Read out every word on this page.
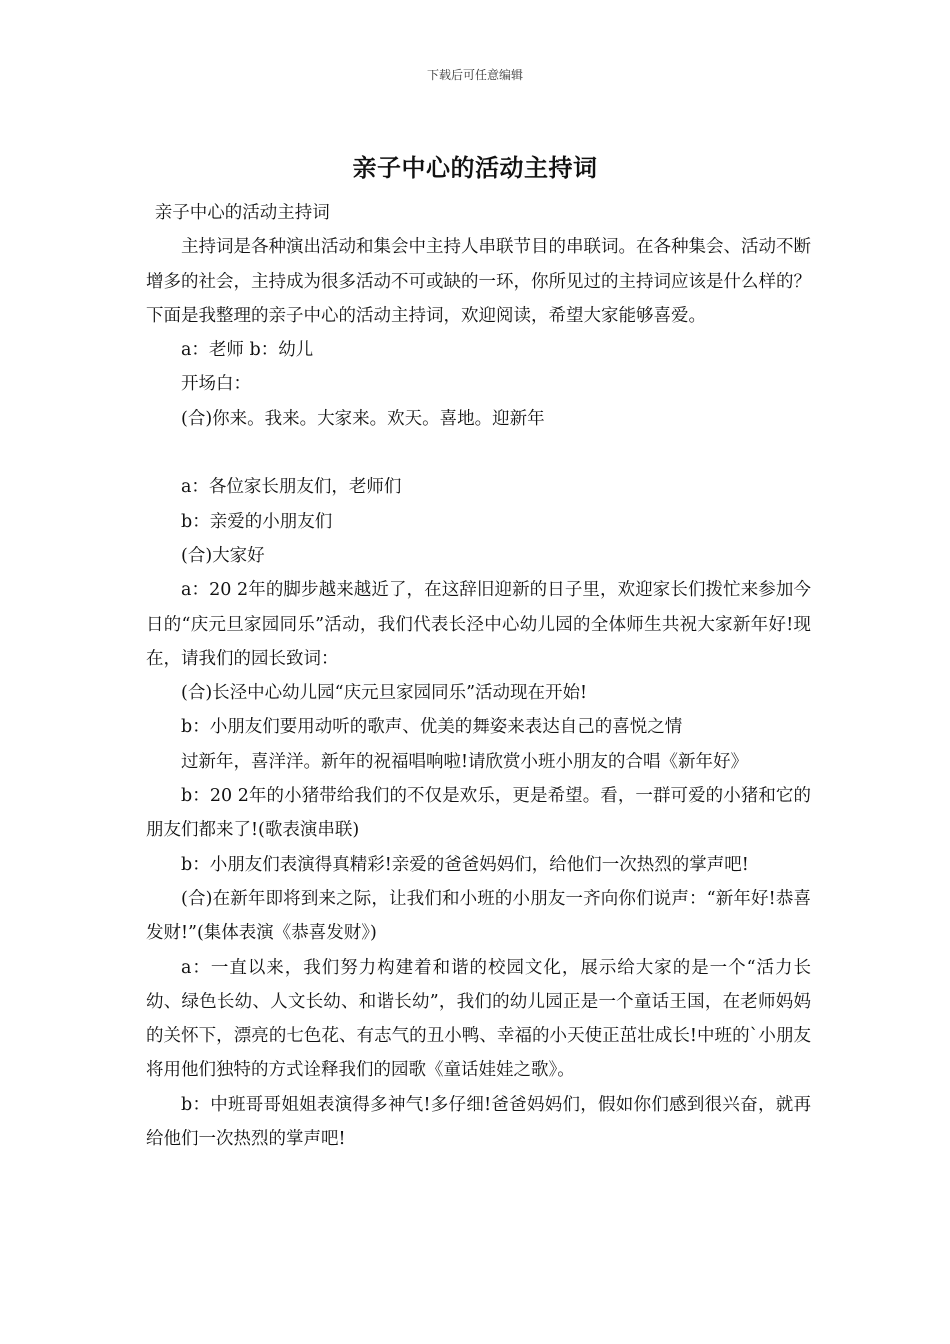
下载后可任意编辑
亲子中心的活动主持词

亲子中心的活动主持词

主持词是各种演出活动和集会中主持人串联节目的串联词。在各种集会、活动不断增多的社会，主持成为很多活动不可或缺的一环，你所见过的主持词应该是什么样的？下面是我整理的亲子中心的活动主持词，欢迎阅读，希望大家能够喜爱。

a：老师 b：幼儿

开场白：

(合)你来。我来。大家来。欢天。喜地。迎新年

a：各位家长朋友们，老师们

b：亲爱的小朋友们

(合)大家好

a：20 2年的脚步越来越近了，在这辞旧迎新的日子里，欢迎家长们拨忙来参加今日的“庆元旦家园同乐”活动，我们代表长泾中心幼儿园的全体师生共祝大家新年好!现在，请我们的园长致词：

(合)长泾中心幼儿园“庆元旦家园同乐”活动现在开始!

b：小朋友们要用动听的歌声、优美的舞姿来表达自己的喜悦之情

过新年，喜洋洋。新年的祝福唱响啦!请欣赏小班小朋友的合唱《新年好》

b：20 2年的小猪带给我们的不仅是欢乐，更是希望。看，一群可爱的小猪和它的朋友们都来了!(歌表演串联)

b：小朋友们表演得真精彩!亲爱的爸爸妈妈们，给他们一次热烈的掌声吧!

(合)在新年即将到来之际，让我们和小班的小朋友一齐向你们说声：“新年好!恭喜发财!”(集体表演《恭喜发财》)

a：一直以来，我们努力构建着和谐的校园文化，展示给大家的是一个“活力长幼、绿色长幼、人文长幼、和谐长幼”，我们的幼儿园正是一个童话王国，在老师妈妈的关怀下，漂亮的七色花、有志气的丑小鸭、幸福的小天使正茁壮成长!中班的`小朋友将用他们独特的方式诠释我们的园歌《童话娃娃之歌》。

b：中班哥哥姐姐表演得多神气!多仔细!爸爸妈妈们，假如你们感到很兴奋，就再给他们一次热烈的掌声吧!
